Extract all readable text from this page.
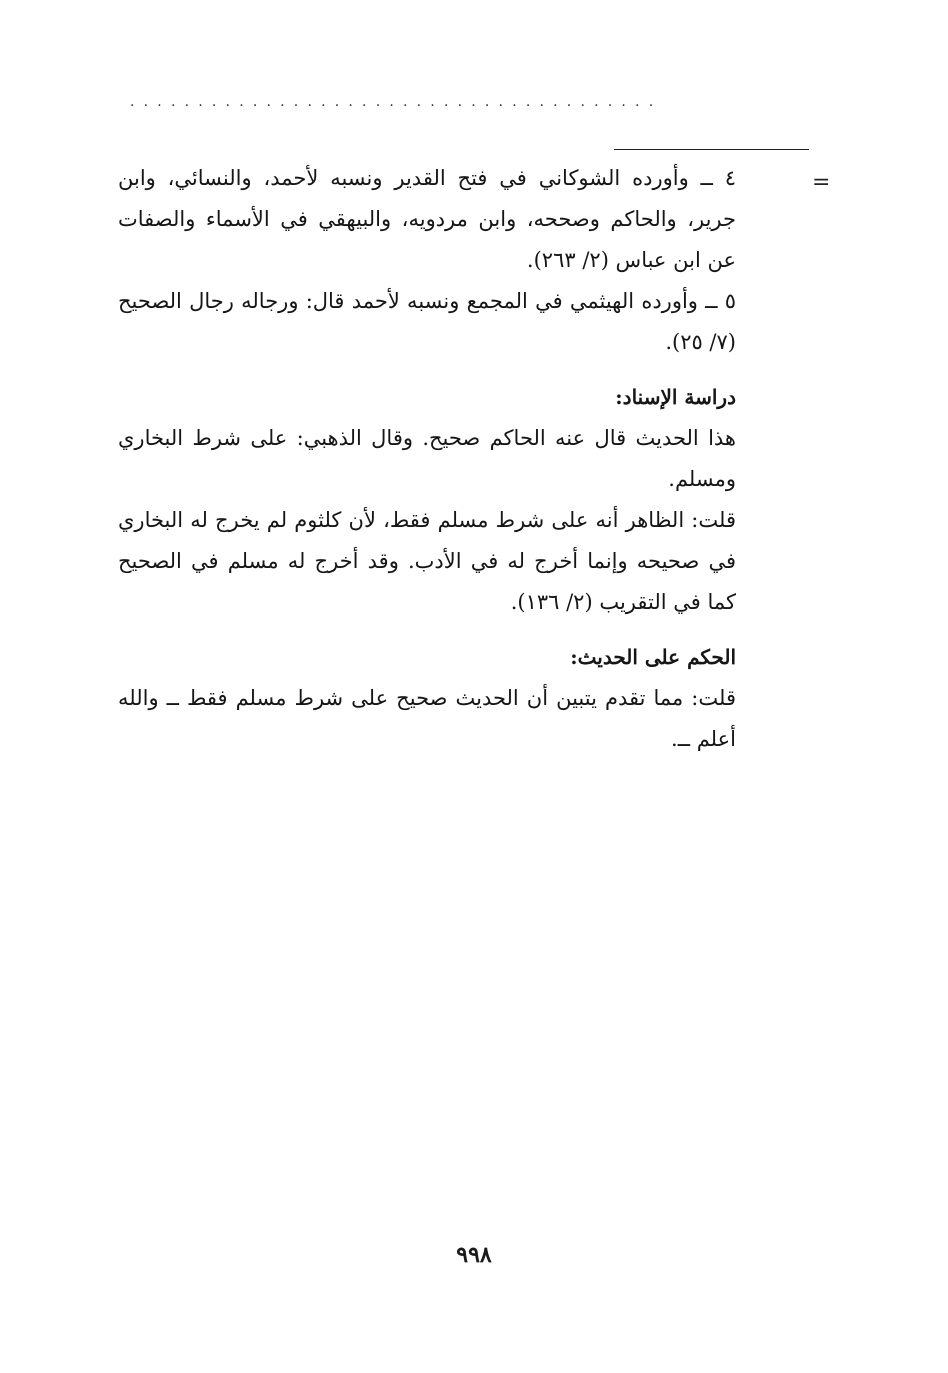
.......................................
=

٤ ــ وأورده الشوكاني في فتح القدير ونسبه لأحمد، والنسائي، وابن جرير، والحاكم وصححه، وابن مردويه، والبيهقي في الأسماء والصفات عن ابن عباس (٢/ ٢٦٣).

٥ ــ وأورده الهيثمي في المجمع ونسبه لأحمد قال: ورجاله رجال الصحيح (٧/ ٢٥).

دراسة الإسناد:

هذا الحديث قال عنه الحاكم صحيح. وقال الذهبي: على شرط البخاري ومسلم.

قلت: الظاهر أنه على شرط مسلم فقط، لأن كلثوم لم يخرج له البخاري في صحيحه وإنما أخرج له في الأدب. وقد أخرج له مسلم في الصحيح كما في التقريب (٢/ ١٣٦).

الحكم على الحديث:

قلت: مما تقدم يتبين أن الحديث صحيح على شرط مسلم فقط ــ والله أعلم ــ.

٩٩٨
